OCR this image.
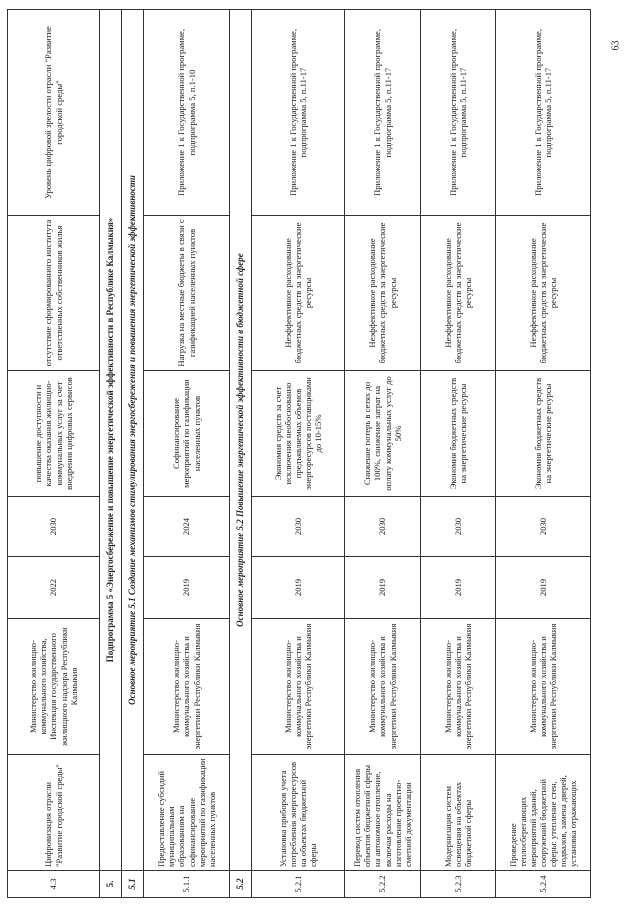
4.3	Цифровизация отрасли "Развитие городской среды"	Министерство жилищно-коммунального хозяйства, Инспекция государственного жилищного надзора Республики Калмыкия	2022	2030	повышение доступности и качества оказания жилищно-коммунальных услуг за счет внедрения цифровых сервисов	отсутствие сформированного института ответственных собственников жилья	Уровень цифровой зрелости отрасли "Развитие городской среды"
5.	Подпрограмма 5 «Энергосбережение и повышение энергетической эффективности в Республике Калмыкия»						
5.1	Основное мероприятие 5.1 Создание механизмов стимулирования энергосбережения и повышения энергетической эффективности						
5.1.1	Предоставление субсидий муниципальным образованиям на софинансирование мероприятий по газификации населенных пунктов	Министерство жилищно-коммунального хозяйства и энергетики Республики Калмыкия	2019	2024	Софинансирование мероприятий по газификации населенных пунктов	Нагрузка на местные бюджеты в связи с газификацией населенных пунктов	Приложение 1 к Государственной программе, подпрограмма 5, п.1-10
5.2	Основное мероприятие 5.2 Повышение энергетической эффективности в бюджетной сфере						
5.2.1	Установка приборов учета потребления энергоресурсов на объектах бюджетной сферы	Министерство жилищно-коммунального хозяйства и энергетики Республики Калмыкия	2019	2030	Экономия средств за счет исключения необоснованно предъявляемых объемов энергоресурсов поставщиками до 10-15%	Неэффективное расходование бюджетных средств за энергетические ресурсы	Приложение 1 к Государственной программе, подпрограмма 5, п.11-17
5.2.2	Перевод систем отопления объектов бюджетной сферы на автономное отопление, включая расходы на изготовление проектно-сметной документации	Министерство жилищно-коммунального хозяйства и энергетики Республики Калмыкия	2019	2030	Снижение потерь в сетях до 100%, снижение затрат на оплату коммунальных услуг до 50%	Неэффективное расходование бюджетных средств за энергетические ресурсы	Приложение 1 к Государственной программе, подпрограмма 5, п.11-17
5.2.3	Модернизация систем освещения на объектах бюджетной сферы	Министерство жилищно-коммунального хозяйства и энергетики Республики Калмыкия	2019	2030	Экономия бюджетных средств на энергетические ресурсы	Неэффективное расходование бюджетных средств за энергетические ресурсы	Приложение 1 к Государственной программе, подпрограмма 5, п.11-17
5.2.4	Проведение теплосберегающих мероприятий зданий, сооружений бюджетной сферы: утепление стен, подвалов, замена дверей, установка отражающих	Министерство жилищно-коммунального хозяйства и энергетики Республики Калмыкия	2019	2030	Экономия бюджетных средств на энергетические ресурсы	Неэффективное расходование бюджетных средств за энергетические ресурсы	Приложение 1 к Государственной программе, подпрограмма 5, п.11-17
63
